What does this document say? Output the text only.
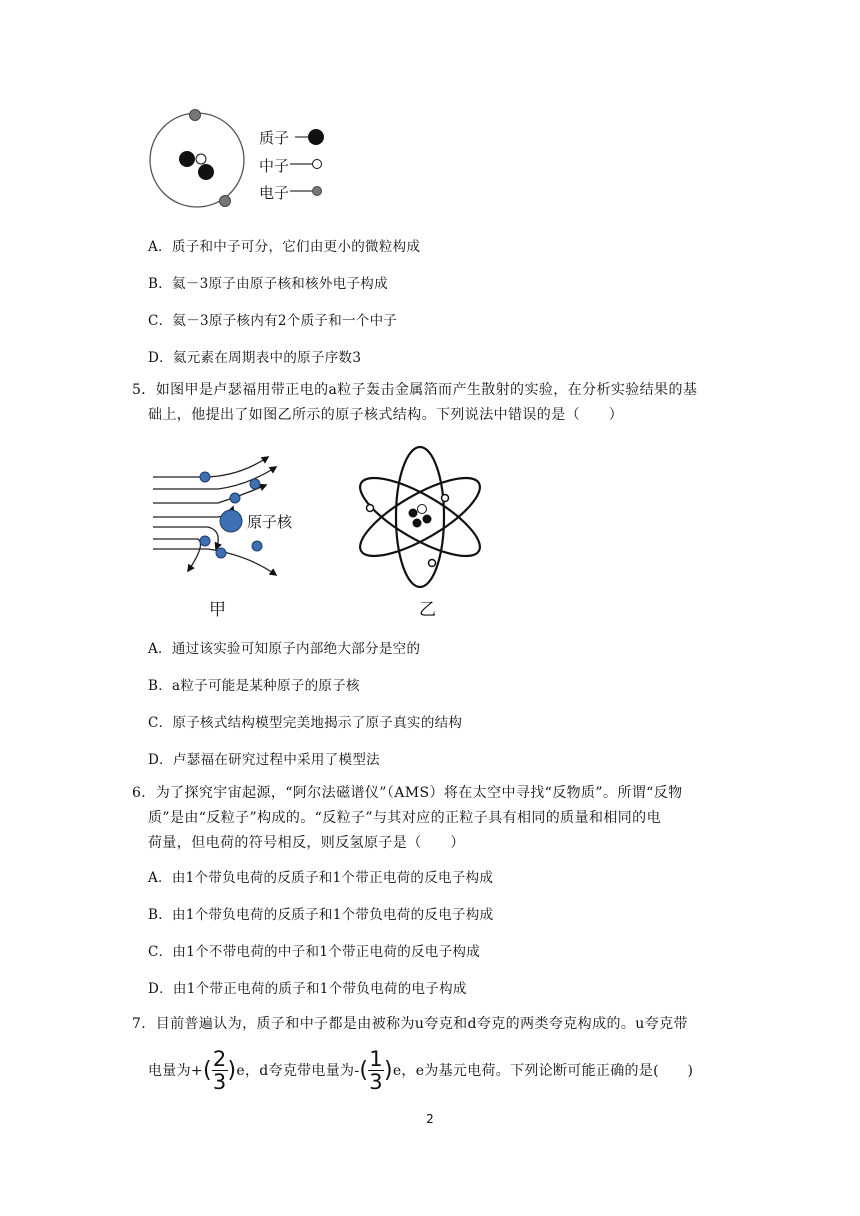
质子
中子
电子
A．质子和中子可分，它们由更小的微粒构成
B．氦－3原子由原子核和核外电子构成
C．氦－3原子核内有2个质子和一个中子
D．氦元素在周期表中的原子序数3
5．如图甲是卢瑟福用带正电的a粒子轰击金属箔而产生散射的实验，在分析实验结果的基
础上，他提出了如图乙所示的原子核式结构。下列说法中错误的是（　　）
原子核
甲	乙
A．通过该实验可知原子内部绝大部分是空的
B．a粒子可能是某种原子的原子核
C．原子核式结构模型完美地揭示了原子真实的结构
D．卢瑟福在研究过程中采用了模型法
6．为了探究宇宙起源，“阿尔法磁谱仪”（AMS）将在太空中寻找“反物质”。所谓“反物
质”是由“反粒子”构成的。“反粒子”与其对应的正粒子具有相同的质量和相同的电
荷量，但电荷的符号相反，则反氢原子是（　　）
A．由1个带负电荷的反质子和1个带正电荷的反电子构成
B．由1个带负电荷的反质子和1个带负电荷的反电子构成
C．由1个不带电荷的中子和1个带正电荷的反电子构成
D．由1个带正电荷的质子和1个带负电荷的电子构成
7．目前普遍认为，质子和中子都是由被称为u夸克和d夸克的两类夸克构成的。u夸克带
电量为+ ( $\frac{2}{3}$ ) e，d夸克带电量为- ( $\frac{1}{3}$ ) e，e为基元电荷。下列论断可能正确的是(　　)
2
